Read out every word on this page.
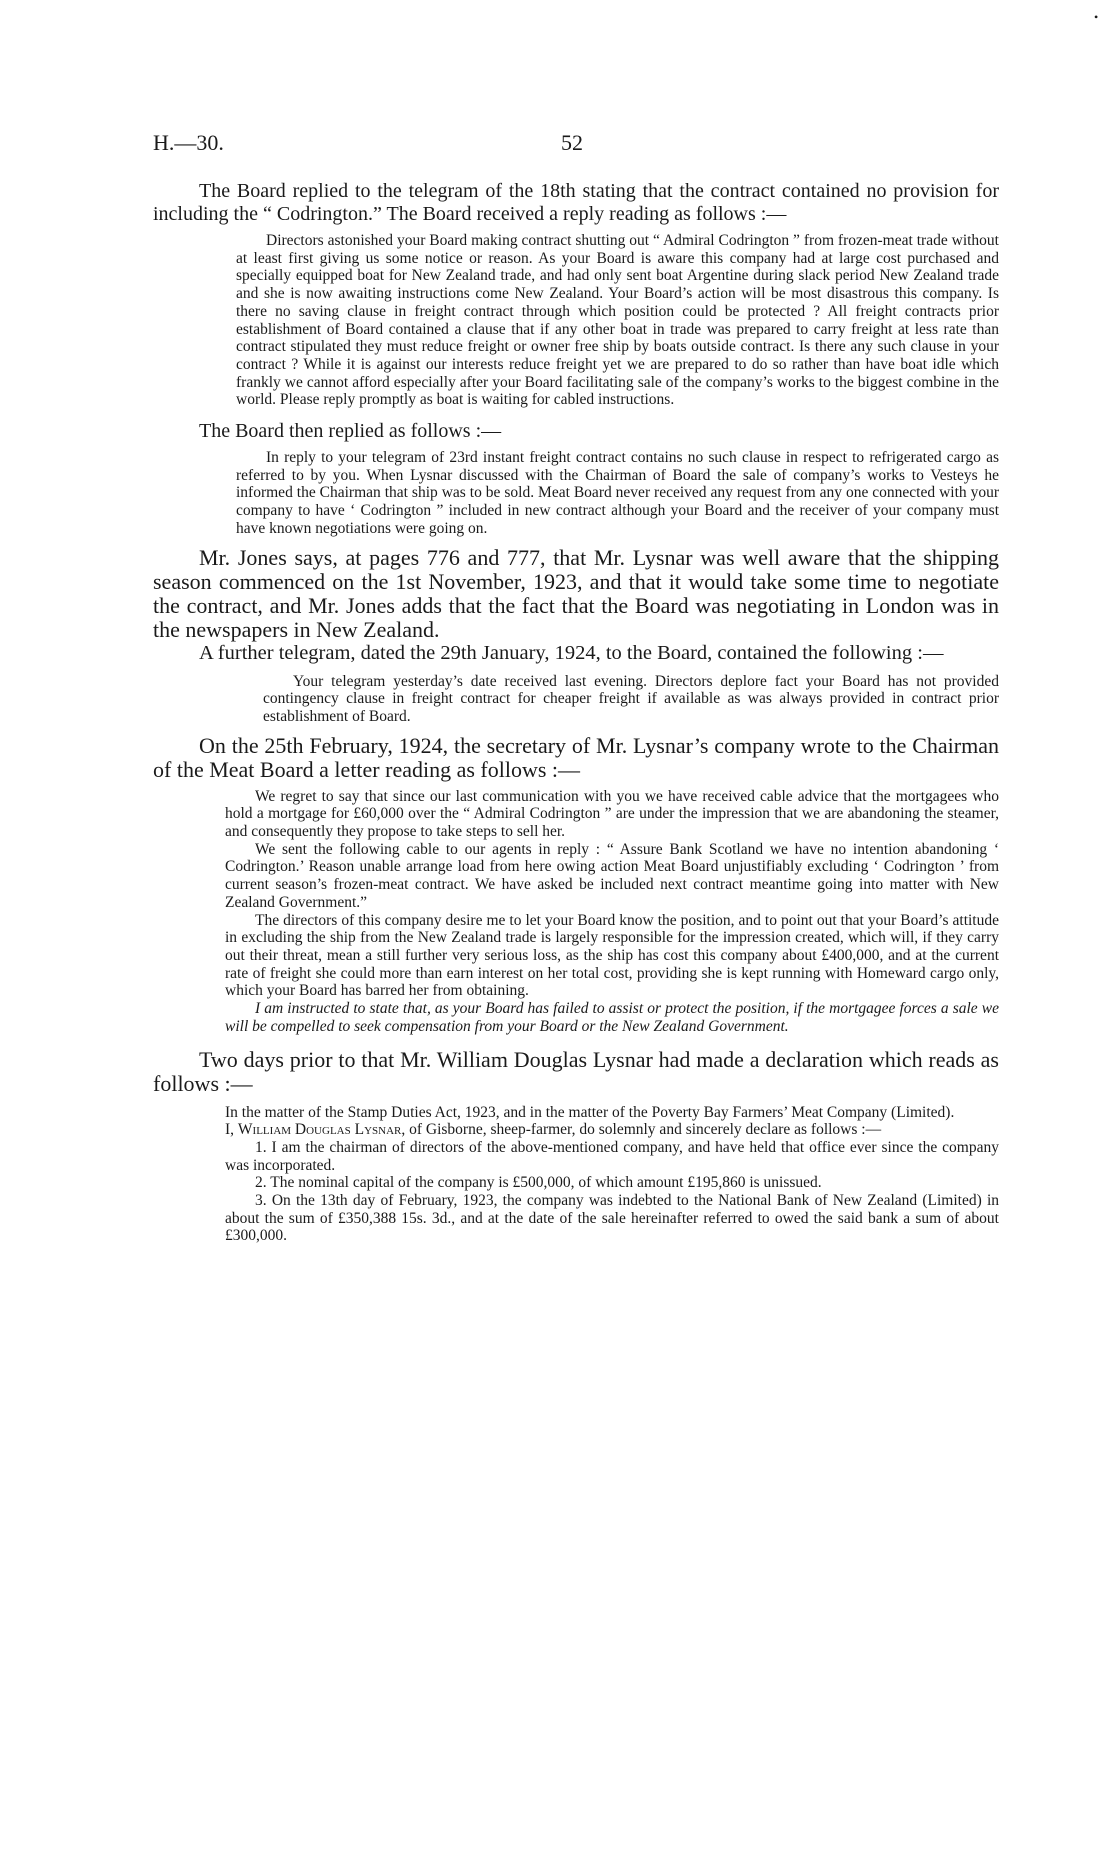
•
H.—30.	52

The Board replied to the telegram of the 18th stating that the contract contained no provision for including the “ Codrington.” The Board received a reply reading as follows :—

Directors astonished your Board making contract shutting out “ Admiral Codrington ” from frozen-meat trade without at least first giving us some notice or reason. As your Board is aware this company had at large cost purchased and specially equipped boat for New Zealand trade, and had only sent boat Argentine during slack period New Zealand trade and she is now awaiting instructions come New Zealand. Your Board’s action will be most disastrous this company. Is there no saving clause in freight contract through which position could be protected ? All freight contracts prior establishment of Board contained a clause that if any other boat in trade was prepared to carry freight at less rate than contract stipulated they must reduce freight or owner free ship by boats outside contract. Is there any such clause in your contract ? While it is against our interests reduce freight yet we are prepared to do so rather than have boat idle which frankly we cannot afford especially after your Board facilitating sale of the company’s works to the biggest combine in the world. Please reply promptly as boat is waiting for cabled instructions.

The Board then replied as follows :—

In reply to your telegram of 23rd instant freight contract contains no such clause in respect to refrigerated cargo as referred to by you. When Lysnar discussed with the Chairman of Board the sale of company’s works to Vesteys he informed the Chairman that ship was to be sold. Meat Board never received any request from any one connected with your company to have ‘ Codrington ” included in new contract although your Board and the receiver of your company must have known negotiations were going on.

Mr. Jones says, at pages 776 and 777, that Mr. Lysnar was well aware that the shipping season commenced on the 1st November, 1923, and that it would take some time to negotiate the contract, and Mr. Jones adds that the fact that the Board was negotiating in London was in the newspapers in New Zealand.

A further telegram, dated the 29th January, 1924, to the Board, contained the following :—

Your telegram yesterday’s date received last evening. Directors deplore fact your Board has not provided contingency clause in freight contract for cheaper freight if available as was always provided in contract prior establishment of Board.

On the 25th February, 1924, the secretary of Mr. Lysnar’s company wrote to the Chairman of the Meat Board a letter reading as follows :—

We regret to say that since our last communication with you we have received cable advice that the mortgagees who hold a mortgage for £60,000 over the “ Admiral Codrington ” are under the impression that we are abandoning the steamer, and consequently they propose to take steps to sell her.

We sent the following cable to our agents in reply : “ Assure Bank Scotland we have no intention abandoning ‘ Codrington.’ Reason unable arrange load from here owing action Meat Board unjustifiably excluding ‘ Codrington ’ from current season’s frozen-meat contract. We have asked be included next contract meantime going into matter with New Zealand Government.”

The directors of this company desire me to let your Board know the position, and to point out that your Board’s attitude in excluding the ship from the New Zealand trade is largely responsible for the impression created, which will, if they carry out their threat, mean a still further very serious loss, as the ship has cost this company about £400,000, and at the current rate of freight she could more than earn interest on her total cost, providing she is kept running with Homeward cargo only, which your Board has barred her from obtaining.

I am instructed to state that, as your Board has failed to assist or protect the position, if the mortgagee forces a sale we will be compelled to seek compensation from your Board or the New Zealand Government.

Two days prior to that Mr. William Douglas Lysnar had made a declaration which reads as follows :—

In the matter of the Stamp Duties Act, 1923, and in the matter of the Poverty Bay Farmers’ Meat Company (Limited).

I, William Douglas Lysnar, of Gisborne, sheep-farmer, do solemnly and sincerely declare as follows :—

1. I am the chairman of directors of the above-mentioned company, and have held that office ever since the company was incorporated.

2. The nominal capital of the company is £500,000, of which amount £195,860 is unissued.

3. On the 13th day of February, 1923, the company was indebted to the National Bank of New Zealand (Limited) in about the sum of £350,388 15s. 3d., and at the date of the sale hereinafter referred to owed the said bank a sum of about £300,000.
